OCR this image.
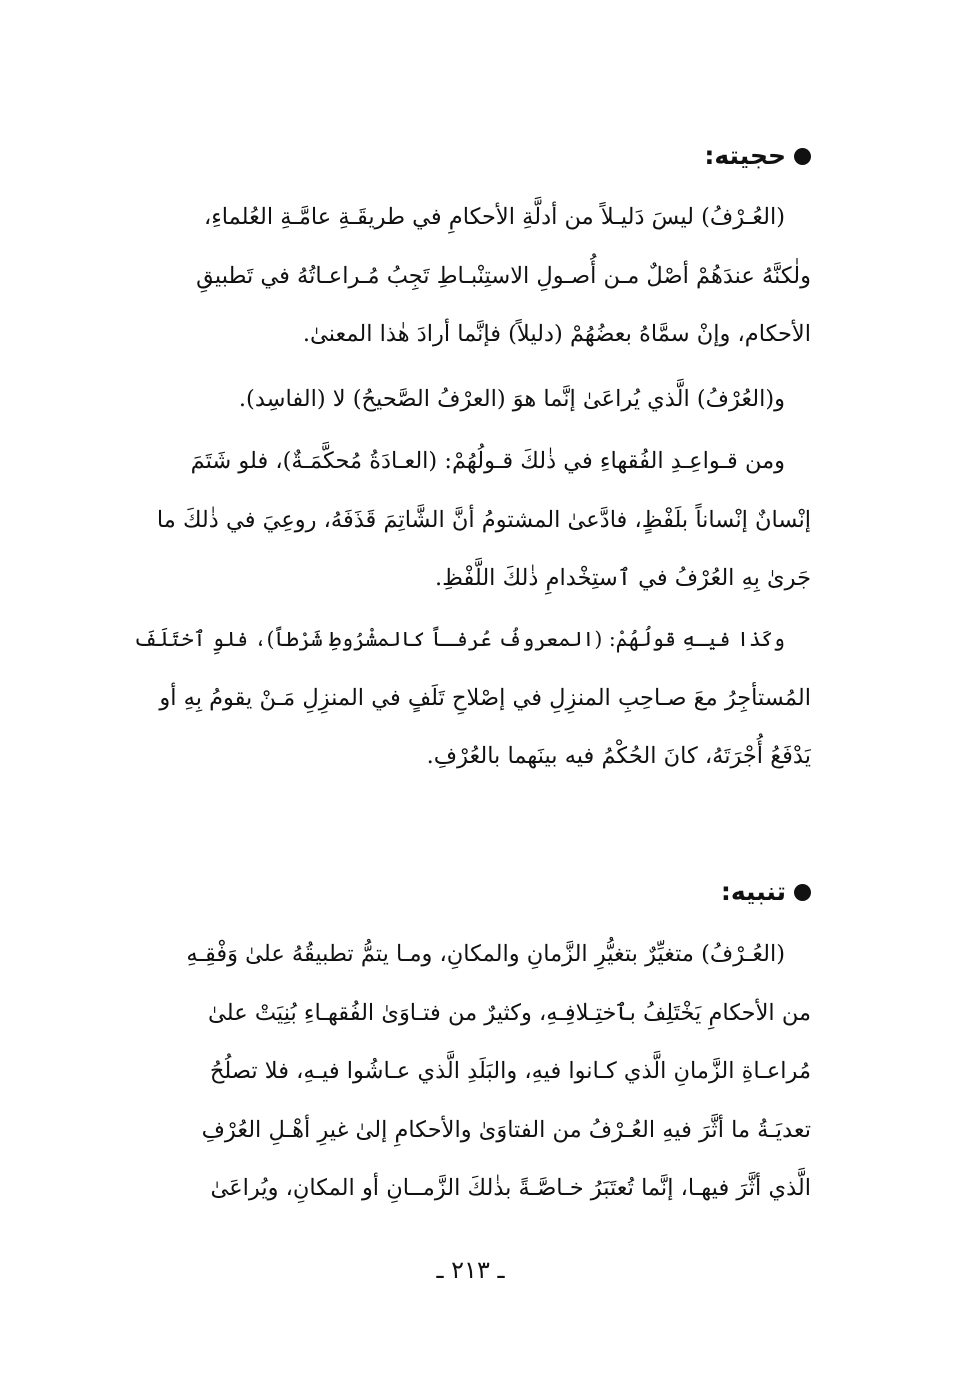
حجيته:

(العُـرْفُ) ليسَ دَليـلاً من أدلَّةِ الأحكامِ في طريقَـةِ عامَّـةِ العُلماءِ،
ولٰكنَّهُ عندَهُمْ أصْلٌ مـن أُصـولِ الاستِنْبـاطِ تَجِبُ مُـراعـاتُهُ في تَطبيقِ
الأحكام، وإنْ سمَّاهُ بعضُهُمْ (دليلاً) فإنَّما أرادَ هٰذا المعنىٰ.

و(العُرْفُ) الَّذي يُراعَىٰ إنَّما هوَ (العرْفُ الصَّحيحُ) لا (الفاسِد).

ومن قـواعِـدِ الفُقهاءِ في ذٰلكَ قـولُهُمْ: (العـادَةُ مُحكَّمَـةٌ)، فلو شَتَمَ
إنْسانٌ إنْساناً بلَفْظٍ، فادَّعىٰ المشتومُ أنَّ الشَّاتِمَ قَذَفَهُ، روعِيَ في ذٰلكَ ما
جَرىٰ بِهِ العُرْفُ في ٱستِخْدامِ ذٰلكَ اللَّفْظِ.

وكَذا فيـهِ قولُهُمْ: (المعروفُ عُرفـاً كالمشْرُوطِ شَرْطاً)، فلوِ ٱختَلَفَ
المُستأجِرُ معَ صـاحِبِ المنزِلِ في إصْلاحِ تَلَفٍ في المنزِلِ مَـنْ يقومُ بِهِ أو
يَدْفَعُ أُجْرَتَهُ، كانَ الحُكْمُ فيه بينَهما بالعُرْفِ.

تنبيه:

(العُـرْفُ) متغيِّرٌ بتغيُّرِ الزَّمانِ والمكانِ، ومـا يتمُّ تطبيقُهُ علىٰ وَفْقِـهِ
من الأحكامِ يَخْتَلِفُ بٱختِـلافِـهِ، وكثيرٌ من فتـاوَىٰ الفُقهـاءِ بُنِيَتْ علىٰ
مُراعـاةِ الزَّمانِ الَّذي كـانوا فيهِ، والبَلَدِ الَّذي عـاشُوا فيـهِ، فلا تصلُحُ
تعديَـةُ ما أثَّرَ فيهِ العُـرْفُ من الفتاوَىٰ والأحكامِ إلىٰ غيرِ أهْـلِ العُرْفِ
الَّذي أثَّرَ فيهـا، إنَّما تُعتَبَرُ خـاصَّـةً بذٰلكَ الزَّمــانِ أو المكانِ، ويُراعَىٰ

ـ ٢١٣ ـ
